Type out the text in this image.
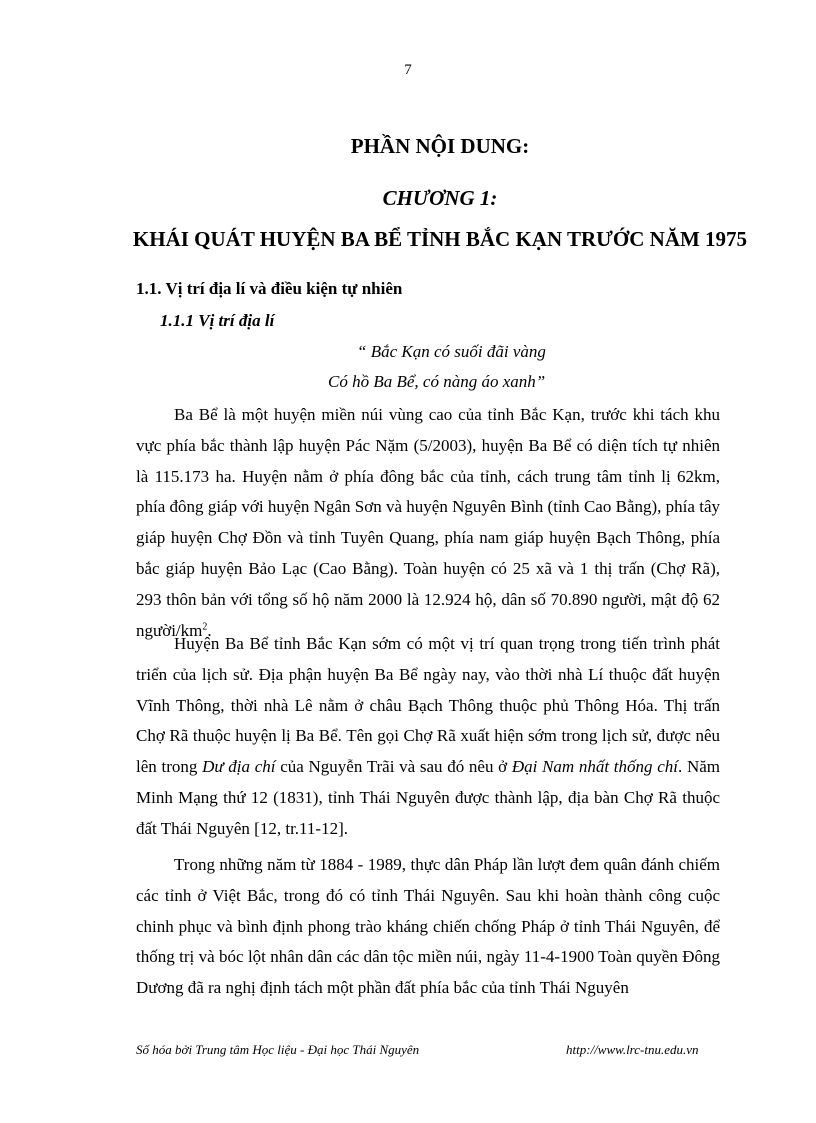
7
PHẦN NỘI DUNG:
CHƯƠNG 1:
KHÁI QUÁT HUYỆN BA BỂ TỈNH BẮC KẠN TRƯỚC NĂM 1975
1.1. Vị trí địa lí và điều kiện tự nhiên
1.1.1 Vị trí địa lí
“ Bắc Kạn có suối đãi vàng
Có hồ Ba Bể, có nàng áo xanh”
Ba Bể là một huyện miền núi vùng cao của tỉnh Bắc Kạn, trước khi tách khu vực phía bắc thành lập huyện Pác Nặm (5/2003), huyện Ba Bể có diện tích tự nhiên là 115.173 ha. Huyện nằm ở phía đông bắc của tỉnh, cách trung tâm tỉnh lị 62km, phía đông giáp với huyện Ngân Sơn và huyện Nguyên Bình (tỉnh Cao Bằng), phía tây giáp huyện Chợ Đồn và tỉnh Tuyên Quang, phía nam giáp huyện Bạch Thông, phía bắc giáp huyện Bảo Lạc (Cao Bằng). Toàn huyện có 25 xã và 1 thị trấn (Chợ Rã), 293 thôn bản với tổng số hộ năm 2000 là 12.924 hộ, dân số 70.890 người, mật độ 62 người/$km^2$.
Huyện Ba Bể tỉnh Bắc Kạn sớm có một vị trí quan trọng trong tiến trình phát triển của lịch sử. Địa phận huyện Ba Bể ngày nay, vào thời nhà Lí thuộc đất huyện Vĩnh Thông, thời nhà Lê nằm ở châu Bạch Thông thuộc phủ Thông Hóa. Thị trấn Chợ Rã thuộc huyện lị Ba Bể. Tên gọi Chợ Rã xuất hiện sớm trong lịch sử, được nêu lên trong Dư địa chí của Nguyễn Trãi và sau đó nêu ở Đại Nam nhất thống chí. Năm Minh Mạng thứ 12 (1831), tỉnh Thái Nguyên được thành lập, địa bàn Chợ Rã thuộc đất Thái Nguyên [12, tr.11-12].
Trong những năm từ 1884 - 1989, thực dân Pháp lần lượt đem quân đánh chiếm các tỉnh ở Việt Bắc, trong đó có tỉnh Thái Nguyên. Sau khi hoàn thành công cuộc chinh phục và bình định phong trào kháng chiến chống Pháp ở tỉnh Thái Nguyên, để thống trị và bóc lột nhân dân các dân tộc miền núi, ngày 11-4-1900 Toàn quyền Đông Dương đã ra nghị định tách một phần đất phía bắc của tỉnh Thái Nguyên
Số hóa bởi Trung tâm Học liệu - Đại học Thái Nguyên	http://www.lrc-tnu.edu.vn
